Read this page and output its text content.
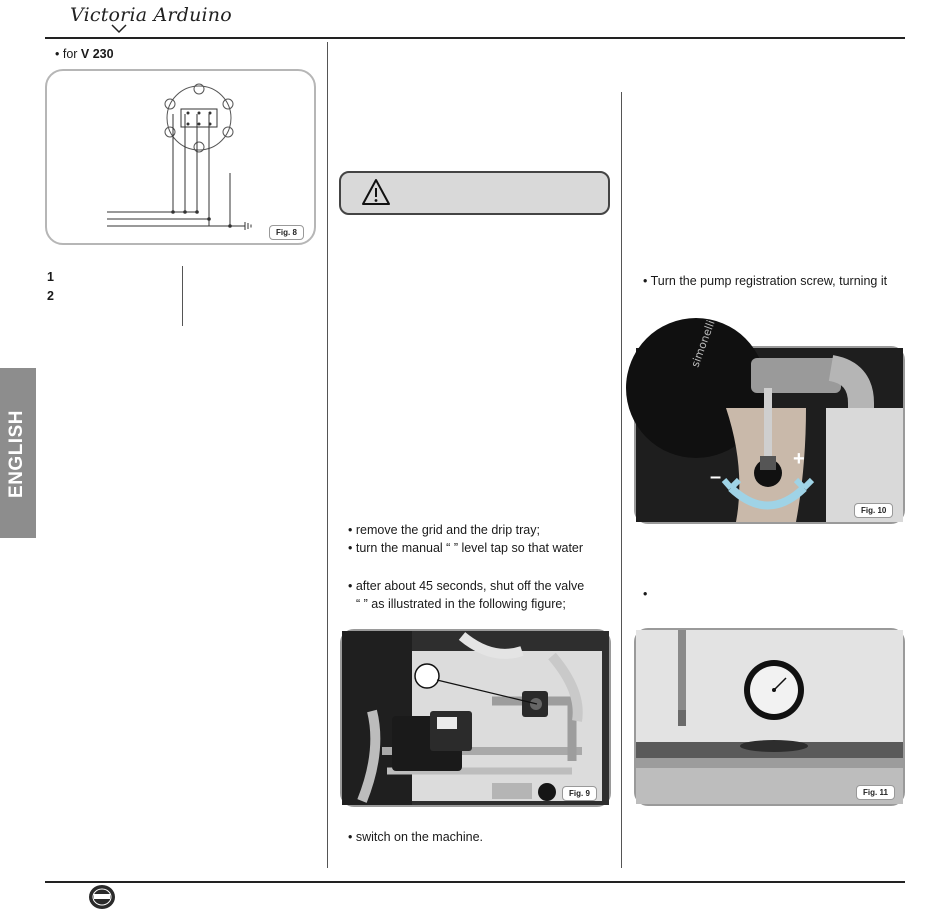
Victoria Arduino
ENGLISH
• for V 230
Fig. 8
1
2
• remove the grid and the drip tray;
• turn the manual “ ” level tap so that water
• after about 45 seconds, shut off the valve
“ ” as illustrated in the following figure;
Fig. 9
• switch on the machine.
• Turn the pump registration screw, turning it
simonelli
–
+
Fig. 10
•
Fig. 11
